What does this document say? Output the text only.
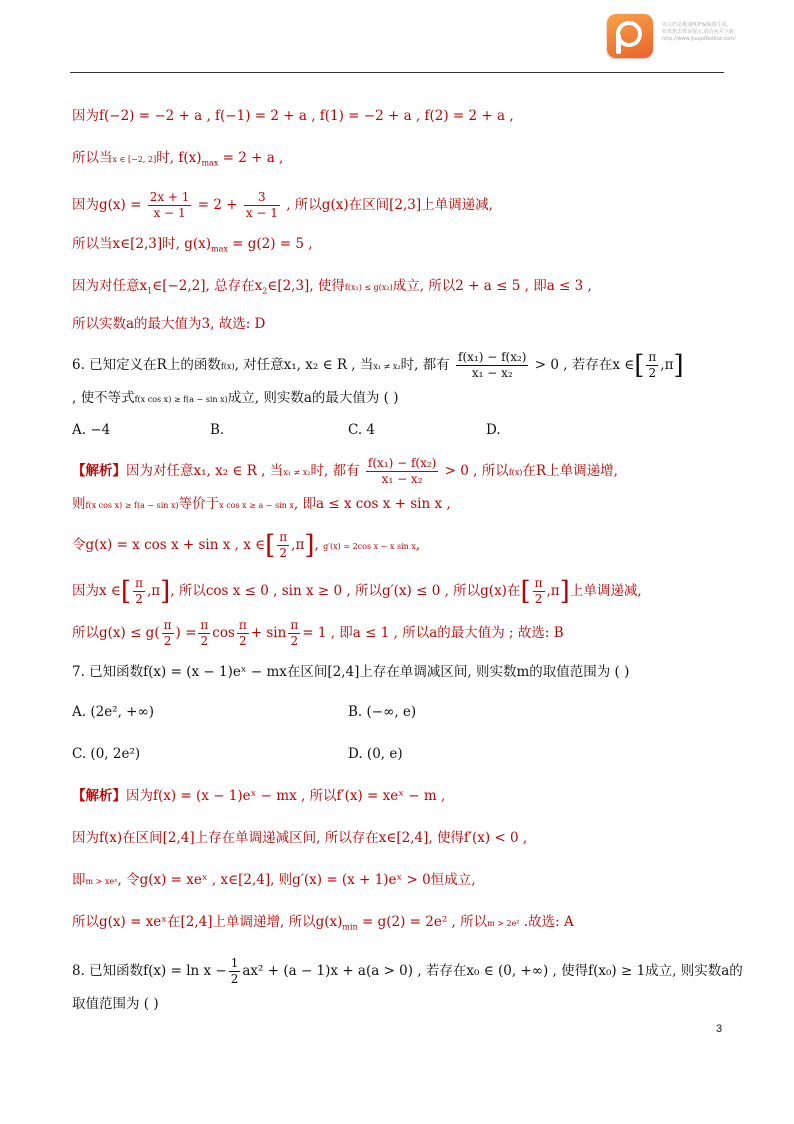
该文档是极速PDF编辑器生成,
如果想去掉该提示,请访问并下载:
http://www.jisupdfeditor.com/
因为f(−2) = −2 + a , f(−1) = 2 + a , f(1) = −2 + a , f(2) = 2 + a ,
所以当x ∈ [−2, 2]时, $f(x)_{max} = 2 + a$ ,
因为$g(x) = \frac{2x + 1}{x - 1} = 2 + \frac{3}{x - 1}$ , 所以g(x)在区间[2,3]上单调递减,
所以当x∈[2,3]时, $g(x)_{max} = g(2) = 5$ ,
因为对任意$x_1\in[-2,2]$, 总存在$x_2\in[2,3]$, 使得f(x₁) ≤ g(x₂)成立, 所以2 + a ≤ 5 , 即a ≤ 3 ,
所以实数a的最大值为3, 故选: D
6. 已知定义在R上的函数f(x), 对任意x₁, x₂ ∈ R , 当x₁ ≠ x₂时, 都有 $\frac{\text{f(x₁) − f(x₂)}}{\text{x₁ − x₂}} > 0$ , 若存在x ∈[ $\frac{\pi}{2} ,\pi$]
, 使不等式f(x cos x) ≥ f(a − sin x)成立, 则实数a的最大值为 ( )
A. −4	B.	C. 4	D.
【解析】因为对任意x₁, x₂ ∈ R , 当x₁ ≠ x₂时, 都有 $\frac{\text{f(x₁) − f(x₂)}}{\text{x₁ − x₂}} > 0$ , 所以f(x)在R上单调递增,
则f(x cos x) ≥ f(a − sin x)等价于x cos x ≥ a − sin x, 即a ≤ x cos x + sin x ,
令g(x) = x cos x + sin x , x ∈[ $\frac{\pi}{2} ,\pi$], g′(x) = 2cos x − x sin x,
因为x ∈[ $\frac{\pi}{2} ,\pi$], 所以cos x ≤ 0 , sin x ≥ 0 , 所以g′(x) ≤ 0 , 所以g(x)在[ $\frac{\pi}{2} ,\pi$]上单调递减,
所以$g(x) \le g( \frac{\pi}{2}$ ) = $\frac{\pi}{2}$ $\cos \frac{\pi}{2} + \sin \frac{\pi}{2} = 1$ , 即a ≤ 1 , 所以a的最大值为 ; 故选: B
7. 已知函数f(x) = (x − 1)eˣ − mx在区间[2,4]上存在单调减区间, 则实数m的取值范围为 ( )
A. (2e², +∞)	B. (−∞, e)
C. (0, 2e²)	D. (0, e)
【解析】因为f(x) = (x − 1)eˣ − mx , 所以f′(x) = xeˣ − m ,
因为f(x)在区间[2,4]上存在单调递减区间, 所以存在x∈[2,4], 使得f′(x) < 0 ,
即m > xeˣ, 令g(x) = xeˣ , x∈[2,4], 则g′(x) = (x + 1)eˣ > 0恒成立,
所以g(x) = xeˣ在[2,4]上单调递增, 所以$g(x)_{min} = g(2) = 2e^2$ , 所以m > 2e² .故选: A
8. 已知函数$f(x) = \ln x - \frac{1}{2} ax^2 + (a - 1)x + a(a > 0)$ , 若存在x₀ ∈ (0, +∞) , 使得f(x₀) ≥ 1成立, 则实数a的
取值范围为 ( )
3
